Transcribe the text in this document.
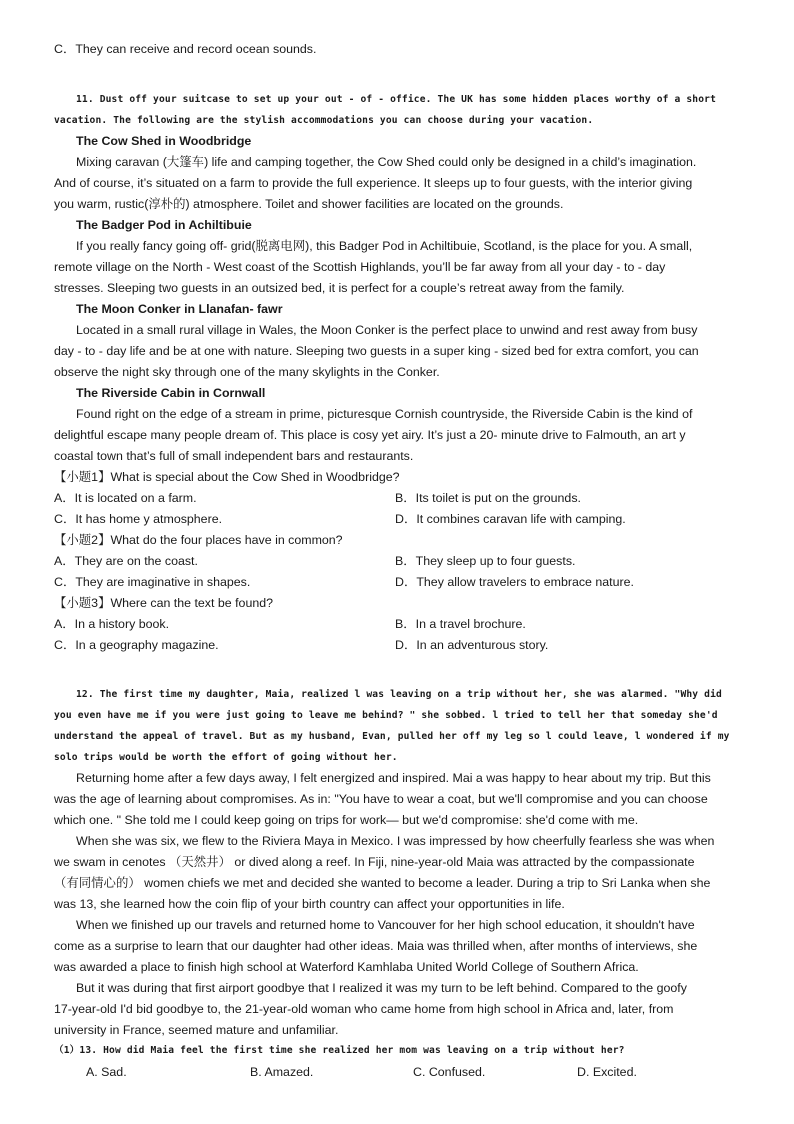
C．They can receive and record ocean sounds.
11. Dust off your suitcase to set up your out - of - office. The UK has some hidden places worthy of a short
vacation. The following are the stylish accommodations you can choose during your vacation.
The Cow Shed in Woodbridge
Mixing caravan (大篷车) life and camping together, the Cow Shed could only be designed in a child’s imagination.
And of course, it’s situated on a farm to provide the full experience. It sleeps up to four guests, with the interior giving
you warm, rustic(淳朴的) atmosphere. Toilet and shower facilities are located on the grounds.
The Badger Pod in Achiltibuie
If you really fancy going off- grid(脱离电网), this Badger Pod in Achiltibuie, Scotland, is the place for you. A small,
remote village on the North - West coast of the Scottish Highlands, you’ll be far away from all your day - to - day
stresses. Sleeping two guests in an outsized bed, it is perfect for a couple’s retreat away from the family.
The Moon Conker in Llanafan- fawr
Located in a small rural village in Wales, the Moon Conker is the perfect place to unwind and rest away from busy
day - to - day life and be at one with nature. Sleeping two guests in a super king - sized bed for extra comfort, you can
observe the night sky through one of the many skylights in the Conker.
The Riverside Cabin in Cornwall
Found right on the edge of a stream in prime, picturesque Cornish countryside, the Riverside Cabin is the kind of
delightful escape many people dream of. This place is cosy yet airy. It’s just a 20- minute drive to Falmouth, an art y
coastal town that’s full of small independent bars and restaurants.
【小题1】What is special about the Cow Shed in Woodbridge?
A．It is located on a farm.	B．Its toilet is put on the grounds.
C．It has home y atmosphere.	D．It combines caravan life with camping.
【小题2】What do the four places have in common?
A．They are on the coast.	B．They sleep up to four guests.
C．They are imaginative in shapes.	D．They allow travelers to embrace nature.
【小题3】Where can the text be found?
A．In a history book.	B．In a travel brochure.
C．In a geography magazine.	D．In an adventurous story.
12. The first time my daughter, Maia, realized l was leaving on a trip without her, she was alarmed. "Why did
you even have me if you were just going to leave me behind? " she sobbed. l tried to tell her that someday she'd
understand the appeal of travel. But as my husband, Evan, pulled her off my leg so l could leave, l wondered if my
solo trips would be worth the effort of going without her.
Returning home after a few days away, I felt energized and inspired. Mai a was happy to hear about my trip. But this
was the age of learning about compromises. As in: "You have to wear a coat, but we'll compromise and you can choose
which one. " She told me I could keep going on trips for work— but we'd compromise: she'd come with me.
When she was six, we flew to the Riviera Maya in Mexico. I was impressed by how cheerfully fearless she was when
we swam in cenotes （天然井） or dived along a reef. In Fiji, nine-year-old Maia was attracted by the compassionate
（有同情心的） women chiefs we met and decided she wanted to become a leader. During a trip to Sri Lanka when she
was 13, she learned how the coin flip of your birth country can affect your opportunities in life.
When we finished up our travels and returned home to Vancouver for her high school education, it shouldn't have
come as a surprise to learn that our daughter had other ideas. Maia was thrilled when, after months of interviews, she
was awarded a place to finish high school at Waterford Kamhlaba United World College of Southern Africa.
But it was during that first airport goodbye that I realized it was my turn to be left behind. Compared to the goofy
17-year-old I'd bid goodbye to, the 21-year-old woman who came home from high school in Africa and, later, from
university in France, seemed mature and unfamiliar.
（1）13. How did Maia feel the first time she realized her mom was leaving on a trip without her?
A. Sad.	B. Amazed.	C. Confused.	D. Excited.
